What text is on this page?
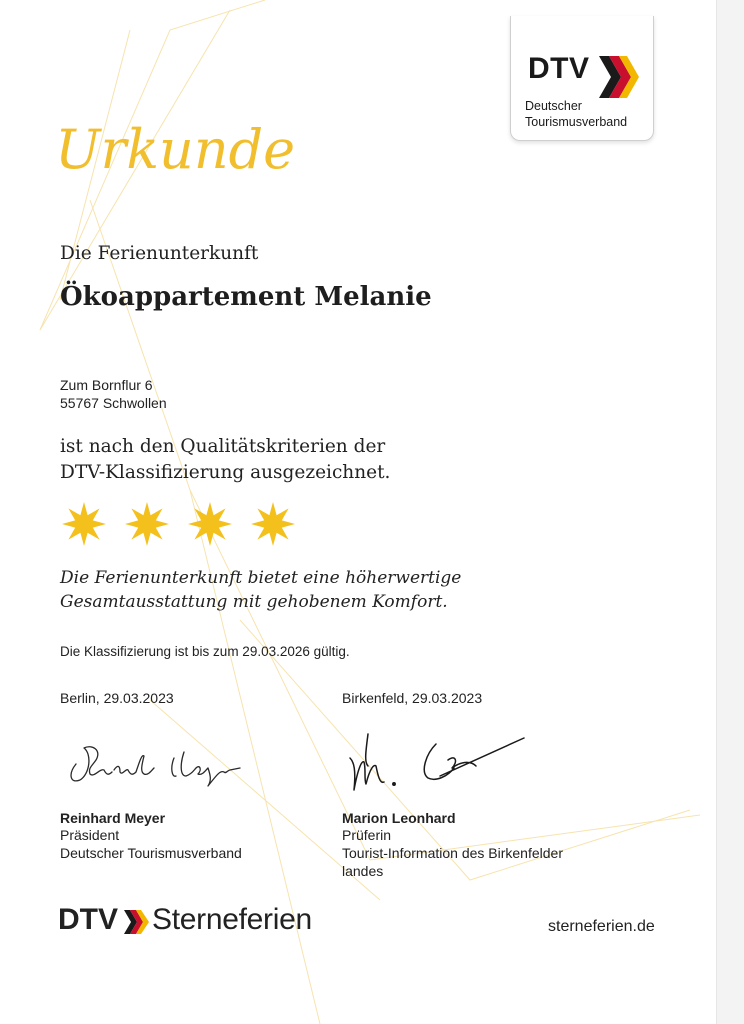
DTV
Deutscher
Tourismusverband
Urkunde
Die Ferienunterkunft
Ökoappartement Melanie
Zum Bornflur 6
55767 Schwollen
ist nach den Qualitätskriterien der
DTV-Klassifizierung ausgezeichnet.
Die Ferienunterkunft bietet eine höherwertige
Gesamtausstattung mit gehobenem Komfort.
Die Klassifizierung ist bis zum 29.03.2026 gültig.
Berlin, 29.03.2023
Reinhard Meyer
Präsident
Deutscher Tourismusverband
Birkenfeld, 29.03.2023
Marion Leonhard
Prüferin
Tourist-Information des Birkenfelder
landes
DTV Sterneferien	sterneferien.de
